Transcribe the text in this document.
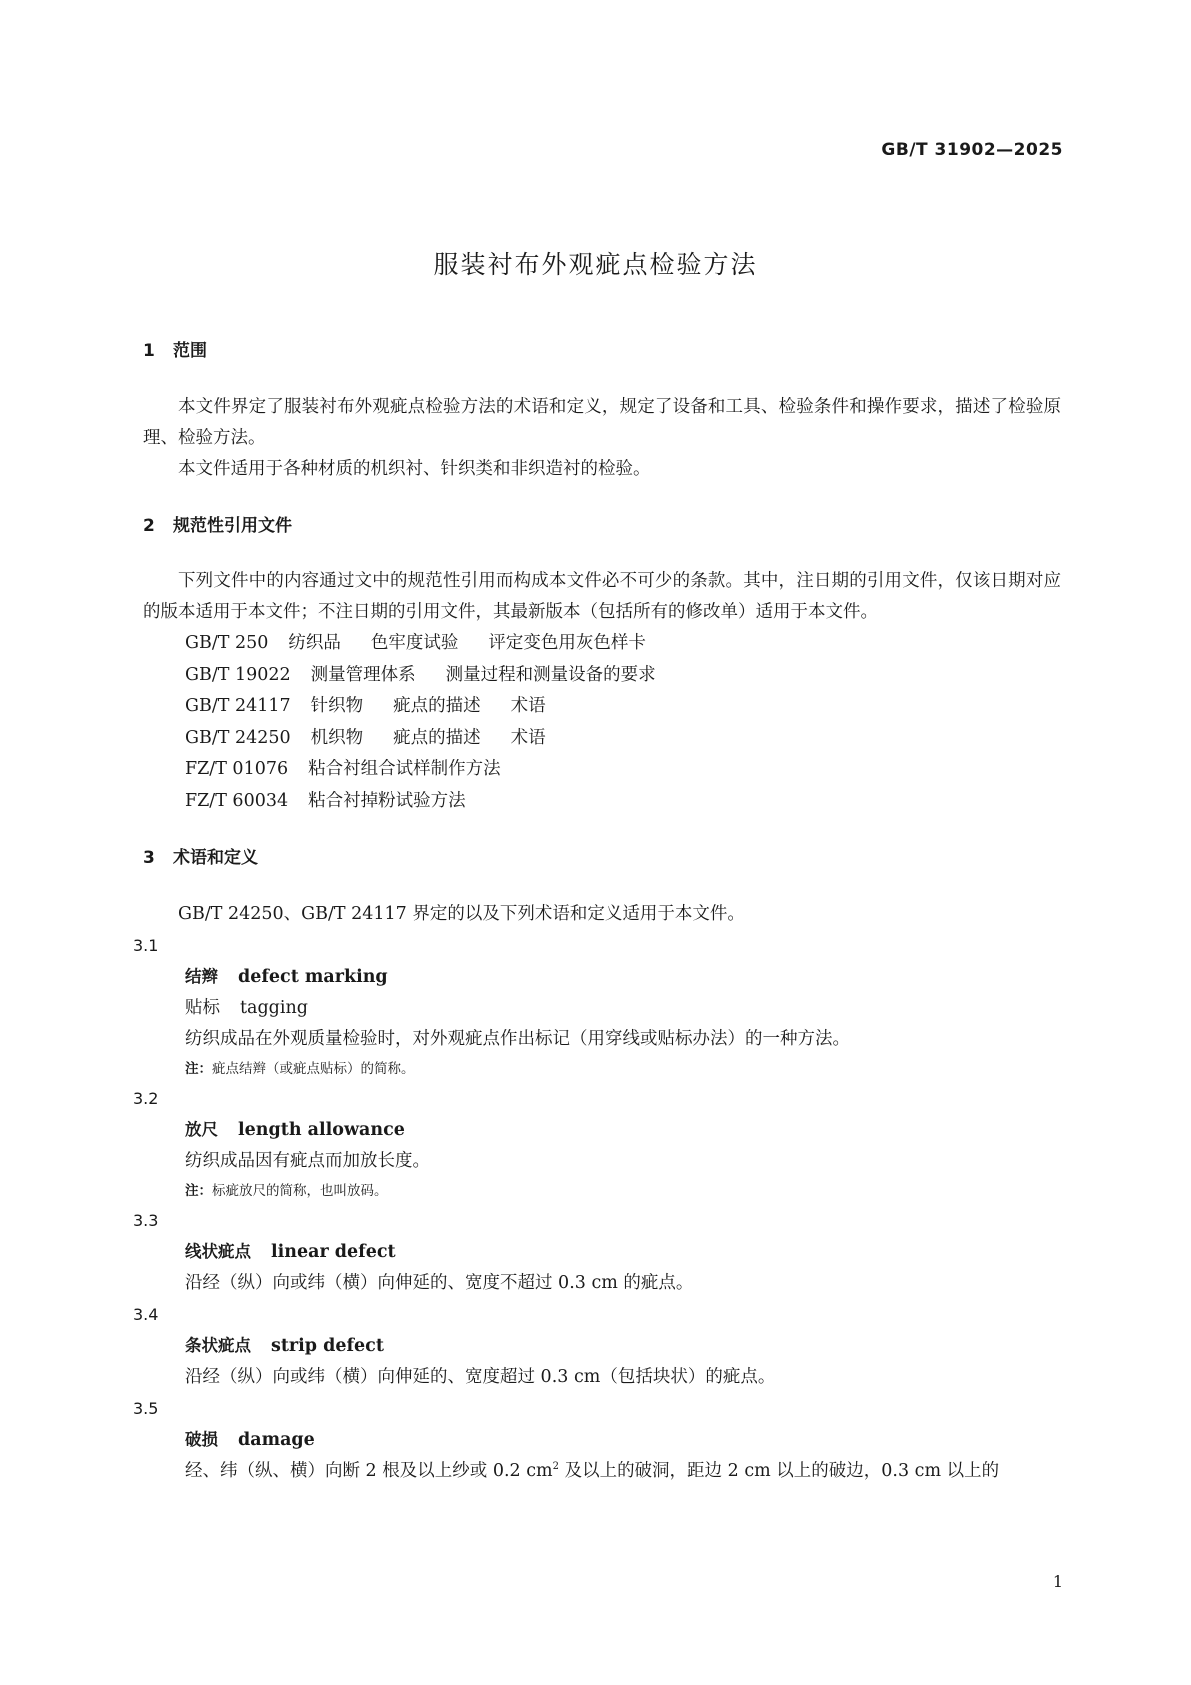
GB/T 31902—2025
服装衬布外观疵点检验方法
1 范围

本文件界定了服装衬布外观疵点检验方法的术语和定义，规定了设备和工具、检验条件和操作要求，描述了检验原理、检验方法。

本文件适用于各种材质的机织衬、针织类和非织造衬的检验。

2 规范性引用文件

下列文件中的内容通过文中的规范性引用而构成本文件必不可少的条款。其中，注日期的引用文件，仅该日期对应的版本适用于本文件；不注日期的引用文件，其最新版本（包括所有的修改单）适用于本文件。

GB/T 250 纺织品 色牢度试验 评定变色用灰色样卡

GB/T 19022 测量管理体系 测量过程和测量设备的要求

GB/T 24117 针织物 疵点的描述 术语

GB/T 24250 机织物 疵点的描述 术语

FZ/T 01076 粘合衬组合试样制作方法

FZ/T 60034 粘合衬掉粉试验方法

3 术语和定义

GB/T 24250、GB/T 24117 界定的以及下列术语和定义适用于本文件。

3.1

结辫 defect marking

贴标 tagging

纺织成品在外观质量检验时，对外观疵点作出标记（用穿线或贴标办法）的一种方法。

注：疵点结辫（或疵点贴标）的简称。

3.2

放尺 length allowance

纺织成品因有疵点而加放长度。

注：标疵放尺的简称，也叫放码。

3.3

线状疵点 linear defect

沿经（纵）向或纬（横）向伸延的、宽度不超过 0.3 cm 的疵点。

3.4

条状疵点 strip defect

沿经（纵）向或纬（横）向伸延的、宽度超过 0.3 cm（包括块状）的疵点。

3.5

破损 damage

经、纬（纵、横）向断 2 根及以上纱或 0.2 $cm^2$ 及以上的破洞，距边 2 cm 以上的破边，0.3 cm 以上的

1
